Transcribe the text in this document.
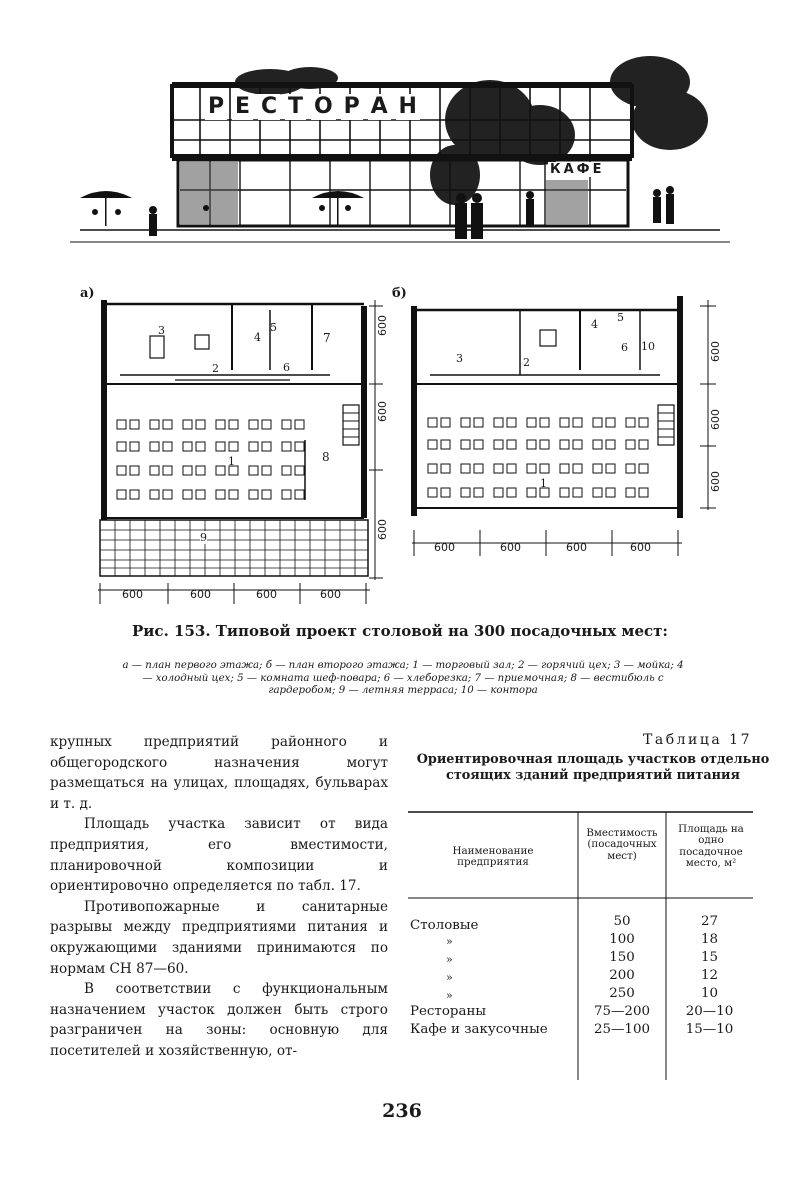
Р Е С Т О Р А Н
КАФЕ
а)
3
4
5
7
2	6
1	8
9
600	600	600	600
600
600
600
б)
3	2
4
5
6 10
1
600	600	600	600
600
600
600
Рис. 153. Типовой проект столовой на 300 посадочных мест:
а — план первого этажа; б — план второго этажа; 1 — торговый зал; 2 — горячий цех; 3 — мойка; 4 — холодный цех; 5 — комната шеф-повара; 6 — хлеборезка; 7 — приемочная; 8 — вестибюль с гардеробом; 9 — летняя терраса; 10 — контора

крупных предприятий районного и общегородского назначения могут размещаться на улицах, площадях, бульварах и т. д.

Площадь участка зависит от вида предприятия, его вместимости, планировочной композиции и ориентировочно определяется по табл. 17.

Противопожарные и санитарные разрывы между предприятиями питания и окружающими зданиями принимаются по нормам СН 87—60.

В соответствии с функциональным назначением участок должен быть строго разграничен на зоны: основную для посетителей и хозяйственную, от-

Таблица 17
Ориентировочная площадь участков отдельно стоящих зданий предприятий питания
Наименование предприятия
Вместимость (посадочных мест)
Площадь на одно посадочное место, м²
Столовые	50	27
»	100	18
»	150	15
»	200	12
»	250	10
Рестораны	75—200	20—10
Кафе и закусочные	25—100	15—10
236
